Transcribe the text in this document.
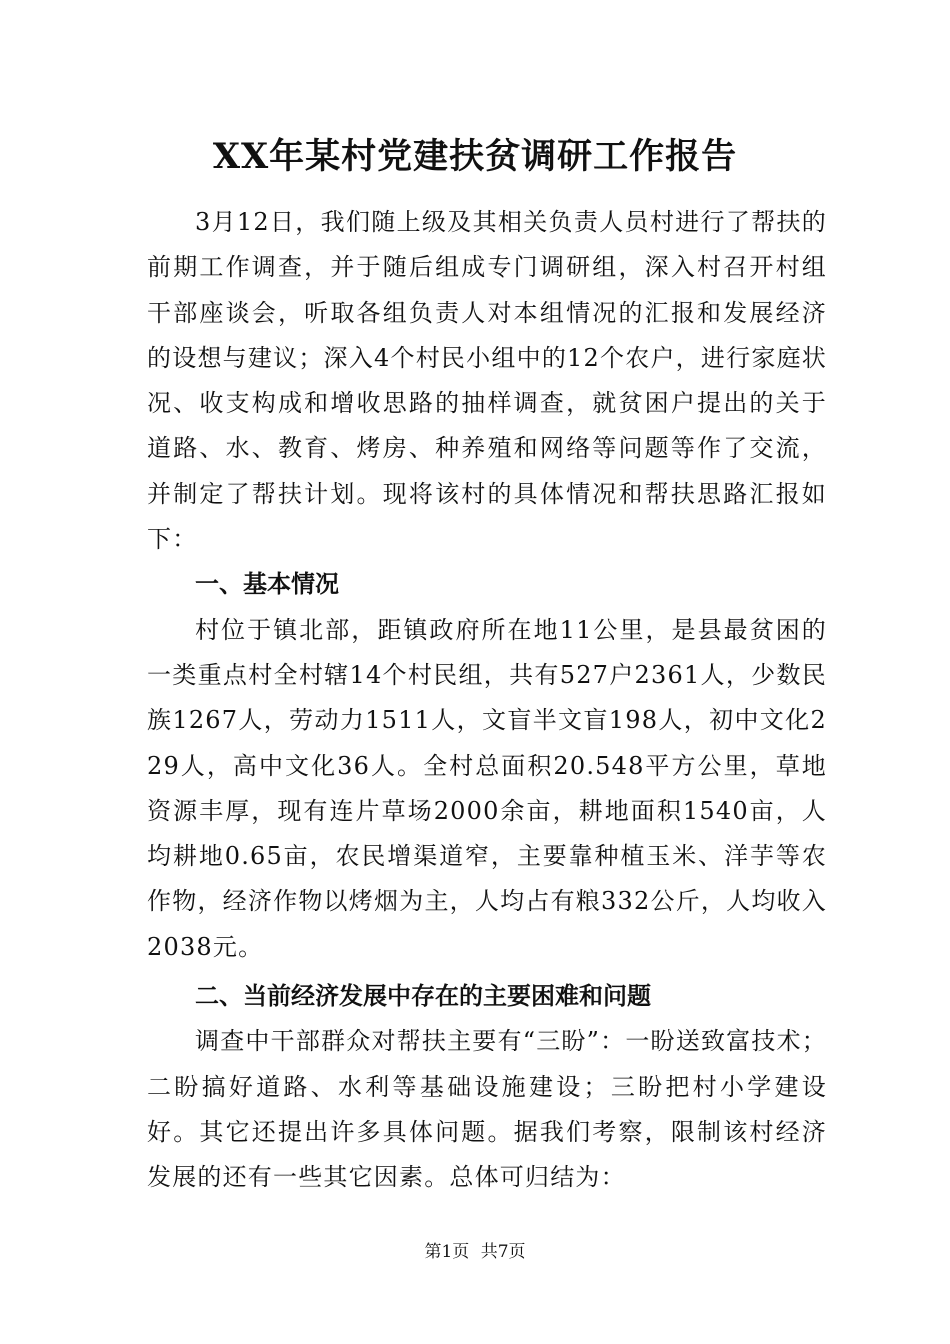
XX年某村党建扶贫调研工作报告

3月12日，我们随上级及其相关负责人员村进行了帮扶的前期工作调查，并于随后组成专门调研组，深入村召开村组干部座谈会，听取各组负责人对本组情况的汇报和发展经济的设想与建议；深入4个村民小组中的12个农户，进行家庭状况、收支构成和增收思路的抽样调查，就贫困户提出的关于道路、水、教育、烤房、种养殖和网络等问题等作了交流，并制定了帮扶计划。现将该村的具体情况和帮扶思路汇报如下：

一、基本情况

村位于镇北部，距镇政府所在地11公里，是县最贫困的一类重点村全村辖14个村民组，共有527户2361人，少数民族1267人，劳动力1511人，文盲半文盲198人，初中文化229人，高中文化36人。全村总面积20.548平方公里，草地资源丰厚，现有连片草场2000余亩，耕地面积1540亩，人均耕地0.65亩，农民增渠道窄，主要靠种植玉米、洋芋等农作物，经济作物以烤烟为主，人均占有粮332公斤，人均收入2038元。

二、当前经济发展中存在的主要困难和问题

调查中干部群众对帮扶主要有“三盼”：一盼送致富技术；二盼搞好道路、水利等基础设施建设；三盼把村小学建设好。其它还提出许多具体问题。据我们考察，限制该村经济发展的还有一些其它因素。总体可归结为：

第1页 共7页
